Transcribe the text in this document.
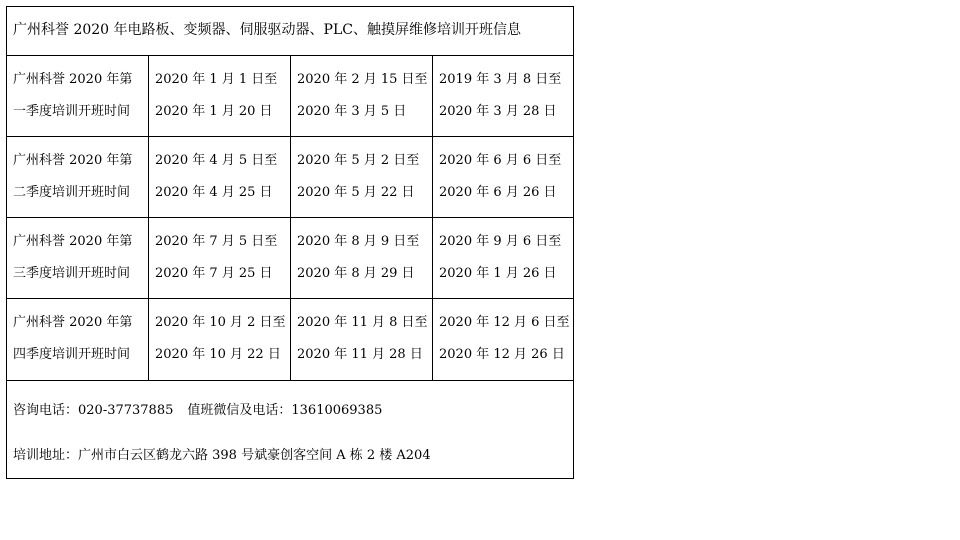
广州科誉 2020 年电路板、变频器、伺服驱动器、PLC、触摸屏维修培训开班信息
广州科誉 2020 年第
一季度培训开班时间
2020 年 1 月 1 日至
2020 年 1 月 20 日
2020 年 2 月 15 日至
2020 年 3 月 5 日
2019 年 3 月 8 日至
2020 年 3 月 28 日
广州科誉 2020 年第
二季度培训开班时间
2020 年 4 月 5 日至
2020 年 4 月 25 日
2020 年 5 月 2 日至
2020 年 5 月 22 日
2020 年 6 月 6 日至
2020 年 6 月 26 日
广州科誉 2020 年第
三季度培训开班时间
2020 年 7 月 5 日至
2020 年 7 月 25 日
2020 年 8 月 9 日至
2020 年 8 月 29 日
2020 年 9 月 6 日至
2020 年 1 月 26 日
广州科誉 2020 年第
四季度培训开班时间
2020 年 10 月 2 日至
2020 年 10 月 22 日
2020 年 11 月 8 日至
2020 年 11 月 28 日
2020 年 12 月 6 日至
2020 年 12 月 26 日
咨询电话：020-37737885 值班微信及电话：13610069385
培训地址：广州市白云区鹤龙六路 398 号斌豪创客空间 A 栋 2 楼 A204
